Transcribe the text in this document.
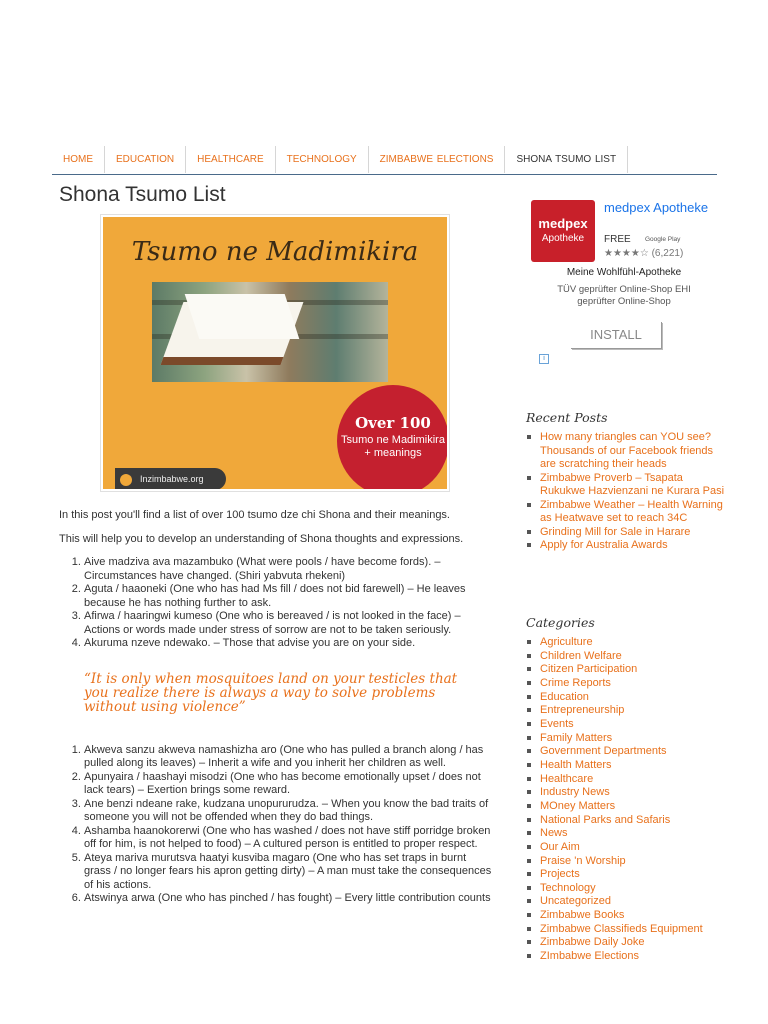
HOME	EDUCATION	HEALTHCARE	TECHNOLOGY	ZIMBABWE ELECTIONS	SHONA TSUMO LIST
Shona Tsumo List
Tsumo ne Madimikira
Over 100
Tsumo ne Madimikira + meanings
Inzimbabwe.org

In this post you'll find a list of over 100 tsumo dze chi Shona and their meanings.

This will help you to develop an understanding of Shona thoughts and expressions.

1. Aive madziva ava mazambuko (What were pools / have become fords). – Circumstances have changed. (Shiri yabvuta rhekeni)
2. Aguta / haaoneki (One who has had Ms fill / does not bid farewell) – He leaves because he has nothing further to ask.
3. Afirwa / haaringwi kumeso (One who is bereaved / is not looked in the face) – Actions or words made under stress of sorrow are not to be taken seriously.
4. Akuruma nzeve ndewako. – Those that advise you are on your side.
“It is only when mosquitoes land on your testicles that you realize there is always a way to solve problems without using violence”
1. Akweva sanzu akweva namashizha aro (One who has pulled a branch along / has pulled along its leaves) – Inherit a wife and you inherit her children as well.
2. Apunyaira / haashayi misodzi (One who has become emotionally upset / does not lack tears) – Exertion brings some reward.
3. Ane benzi ndeane rake, kudzana unopururudza. – When you know the bad traits of someone you will not be offended when they do bad things.
4. Ashamba haanokorerwi (One who has washed / does not have stiff porridge broken off for him, is not helped to food) – A cultured person is entitled to proper respect.
5. Ateya mariva murutsva haatyi kusviba magaro (One who has set traps in burnt grass / no longer fears his apron getting dirty) – A man must take the consequences of his actions.
6. Atswinya arwa (One who has pinched / has fought) – Every little contribution counts
medpex
Apotheke
medpex Apotheke
FREE Google Play
★★★★☆ (6,221)
Meine Wohlfühl-Apotheke
TÜV geprüfter Online-Shop EHI geprüfter Online-Shop
INSTALL
i
Recent Posts
How many triangles can YOU see? Thousands of our Facebook friends are scratching their heads
Zimbabwe Proverb – Tsapata Rukukwe Hazvienzani ne Kurara Pasi
Zimbabwe Weather – Health Warning as Heatwave set to reach 34C
Grinding Mill for Sale in Harare
Apply for Australia Awards
Categories
Agriculture
Children Welfare
Citizen Participation
Crime Reports
Education
Entrepreneurship
Events
Family Matters
Government Departments
Health Matters
Healthcare
Industry News
MOney Matters
National Parks and Safaris
News
Our Aim
Praise 'n Worship
Projects
Technology
Uncategorized
Zimbabwe Books
Zimbabwe Classifieds Equipment
Zimbabwe Daily Joke
ZImbabwe Elections
